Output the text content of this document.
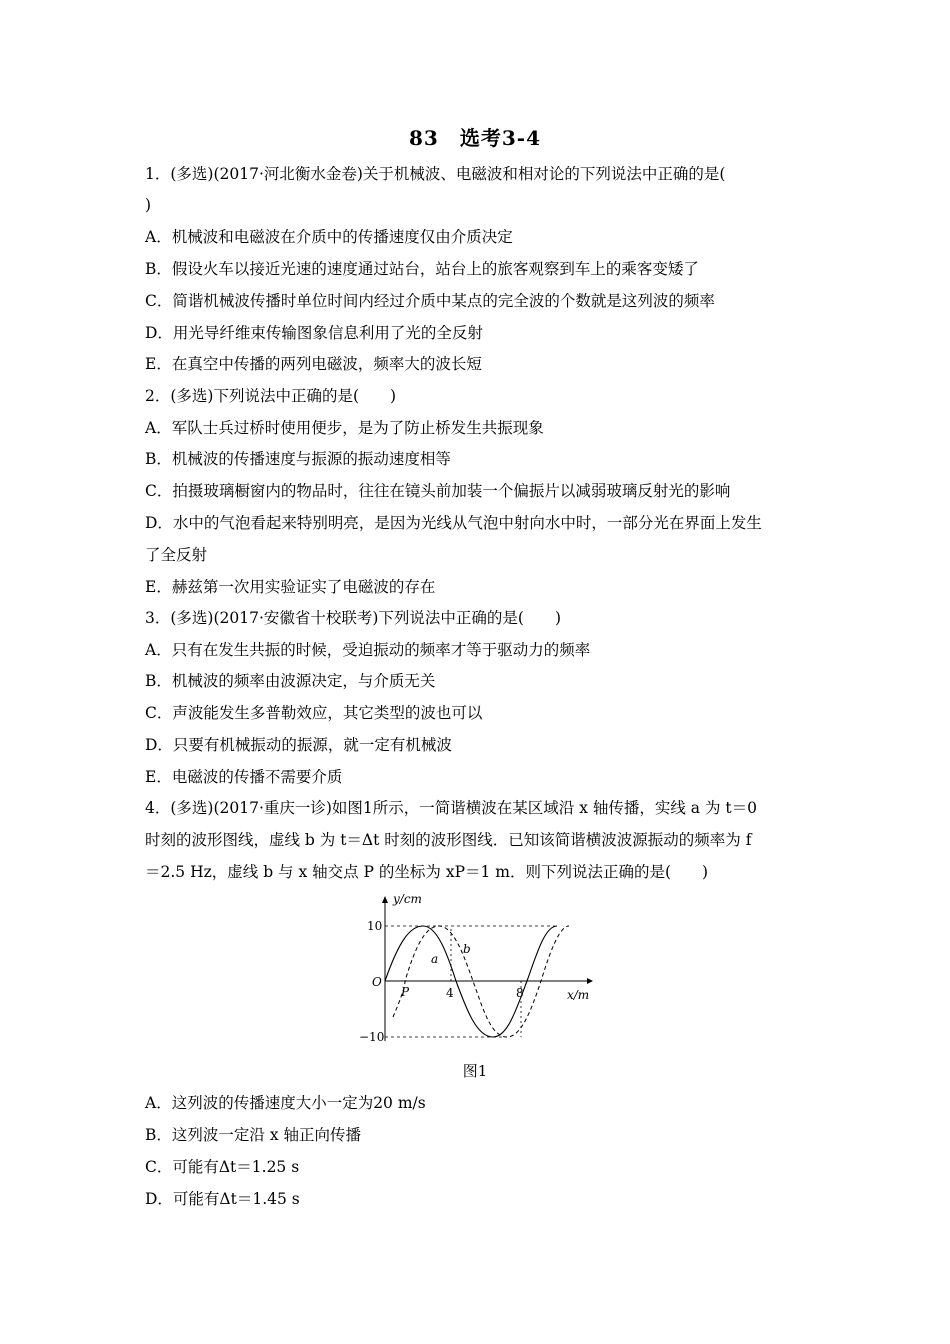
83　选考3-4
1．(多选)(2017·河北衡水金卷)关于机械波、电磁波和相对论的下列说法中正确的是(
)
A．机械波和电磁波在介质中的传播速度仅由介质决定
B．假设火车以接近光速的速度通过站台，站台上的旅客观察到车上的乘客变矮了
C．简谐机械波传播时单位时间内经过介质中某点的完全波的个数就是这列波的频率
D．用光导纤维束传输图象信息利用了光的全反射
E．在真空中传播的两列电磁波，频率大的波长短
2．(多选)下列说法中正确的是(　　)
A．军队士兵过桥时使用便步，是为了防止桥发生共振现象
B．机械波的传播速度与振源的振动速度相等
C．拍摄玻璃橱窗内的物品时，往往在镜头前加装一个偏振片以减弱玻璃反射光的影响
D．水中的气泡看起来特别明亮，是因为光线从气泡中射向水中时，一部分光在界面上发生
了全反射
E．赫兹第一次用实验证实了电磁波的存在
3．(多选)(2017·安徽省十校联考)下列说法中正确的是(　　)
A．只有在发生共振的时候，受迫振动的频率才等于驱动力的频率
B．机械波的频率由波源决定，与介质无关
C．声波能发生多普勒效应，其它类型的波也可以
D．只要有机械振动的振源，就一定有机械波
E．电磁波的传播不需要介质
4．(多选)(2017·重庆一诊)如图1所示，一简谐横波在某区域沿 x 轴传播，实线 a 为 t＝0
时刻的波形图线，虚线 b 为 t＝Δt 时刻的波形图线．已知该简谐横波波源振动的频率为 f
＝2.5 Hz，虚线 b 与 x 轴交点 P 的坐标为 xP＝1 m．则下列说法正确的是(　　)
y/cm
x/m
O
P	4	8
10
−10
a
b
图1
A．这列波的传播速度大小一定为20 m/s
B．这列波一定沿 x 轴正向传播
C．可能有Δt＝1.25 s
D．可能有Δt＝1.45 s
